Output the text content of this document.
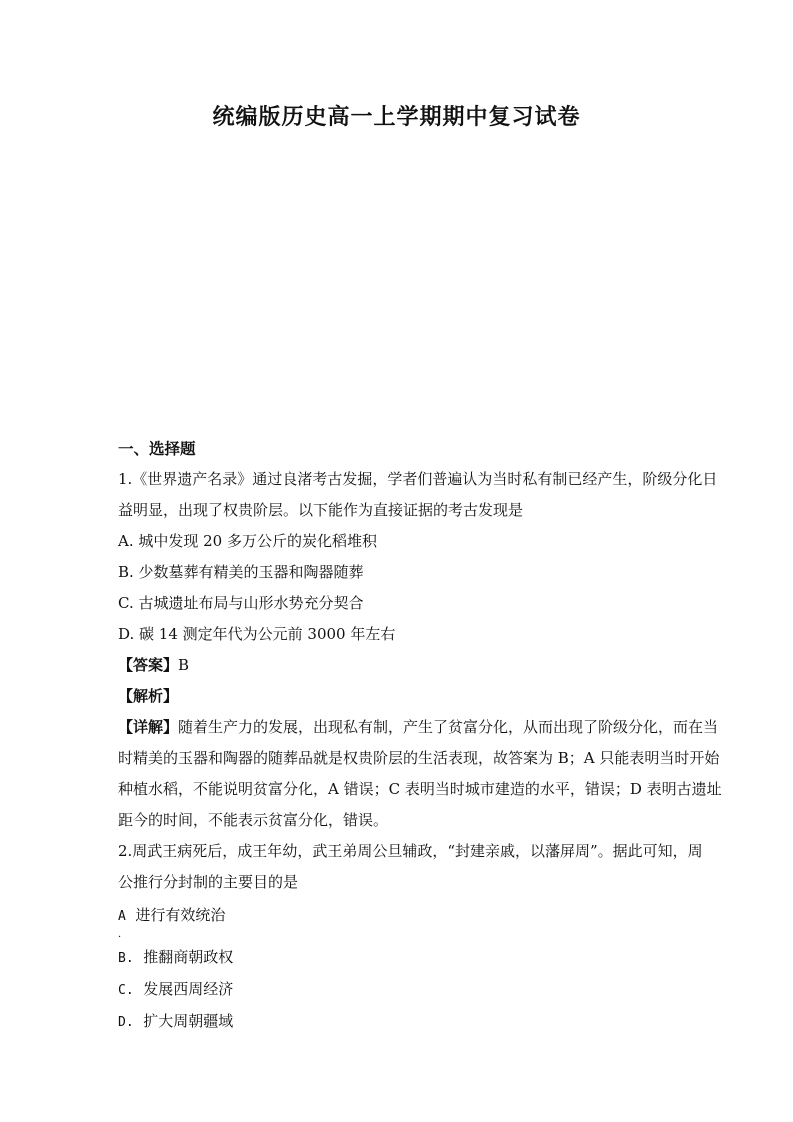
统编版历史高一上学期期中复习试卷
一、选择题
1.《世界遗产名录》通过良渚考古发掘，学者们普遍认为当时私有制已经产生，阶级分化日
益明显，出现了权贵阶层。以下能作为直接证据的考古发现是
A. 城中发现 20 多万公斤的炭化稻堆积
B. 少数墓葬有精美的玉器和陶器随葬
C. 古城遗址布局与山形水势充分契合
D. 碳 14 测定年代为公元前 3000 年左右
【答案】B
【解析】
【详解】随着生产力的发展，出现私有制，产生了贫富分化，从而出现了阶级分化，而在当
时精美的玉器和陶器的随葬品就是权贵阶层的生活表现，故答案为 B；A 只能表明当时开始
种植水稻，不能说明贫富分化，A 错误；C 表明当时城市建造的水平，错误；D 表明古遗址
距今的时间，不能表示贫富分化，错误。
2.周武王病死后，成王年幼，武王弟周公旦辅政，“封建亲戚，以藩屏周”。据此可知，周
公推行分封制的主要目的是
A 进行有效统治
．
B. 推翻商朝政权
C. 发展西周经济
D. 扩大周朝疆域
